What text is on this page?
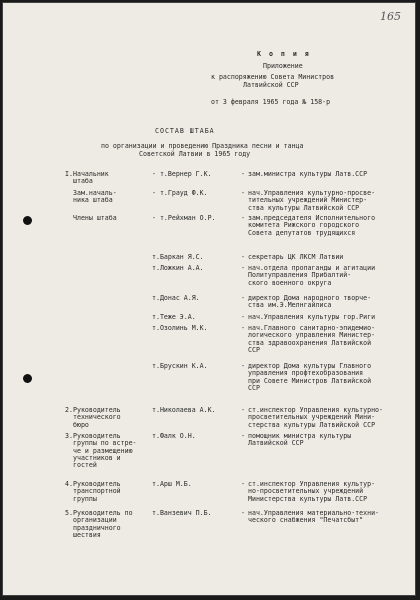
165
К о п и я
Приложение
к распоряжению Совета Министров
Латвийской ССР
от 3 февраля 1965 года № 158-р
СОСТАВ ШТАБА
по организации и проведению Праздника песни и танца
Советской Латвии в 1965 году
I. Начальник
штаба
- т.Вернер Г.К.	- зам.министра культуры Латв.ССР
Зам.началь-
ника штаба
- т.Грауд Ф.К.	- нач.Управления культурно-просве-
тительных учреждений Министер-
ства культуры Латвийской ССР
Члены штаба	- т.Рейхман О.Р.	- зам.председателя Исполнительного
комитета Рижского городского
Совета депутатов трудящихся
т.Баркан Я.С.	- секретарь ЦК ЛКСМ Латвии
т.Ложкин А.А.	- нач.отдела пропаганды и агитации
Политуправления Прибалтий-
ского военного округа
т.Донас А.Я.	- директор Дома народного творче-
ства им.Э.Мелнгайлиса
т.Теже Э.А.	- нач.Управления культуры гор.Риги
т.Озолинь М.К.	- нач.Главного санитарно-эпидемио-
логического управления Министер-
ства здравоохранения Латвийской
ССР
т.Брускин К.А.	- директор Дома культуры Главного
управления профтехобразования
при Совете Министров Латвийской
ССР
2. Руководитель
технического
бюро
т.Николаева А.К.	- ст.инспектор Управления культурно-
просветительных учреждений Мини-
стерства культуры Латвийской ССР
3. Руководитель
группы по встре-
че и размещению
участников и
гостей
т.Фалк О.Н.	- помощник министра культуры
Латвийской ССР
4. Руководитель
транспортной
группы
т.Арш М.Б.	- ст.инспектор Управления культур-
но-просветительных учреждений
Министерства культуры Латв.ССР
5. Руководитель по
организации
праздничного
шествия
т.Ванзевич П.Б.	- нач.Управления материально-техни-
ческого снабжения "Печатсбыт"
